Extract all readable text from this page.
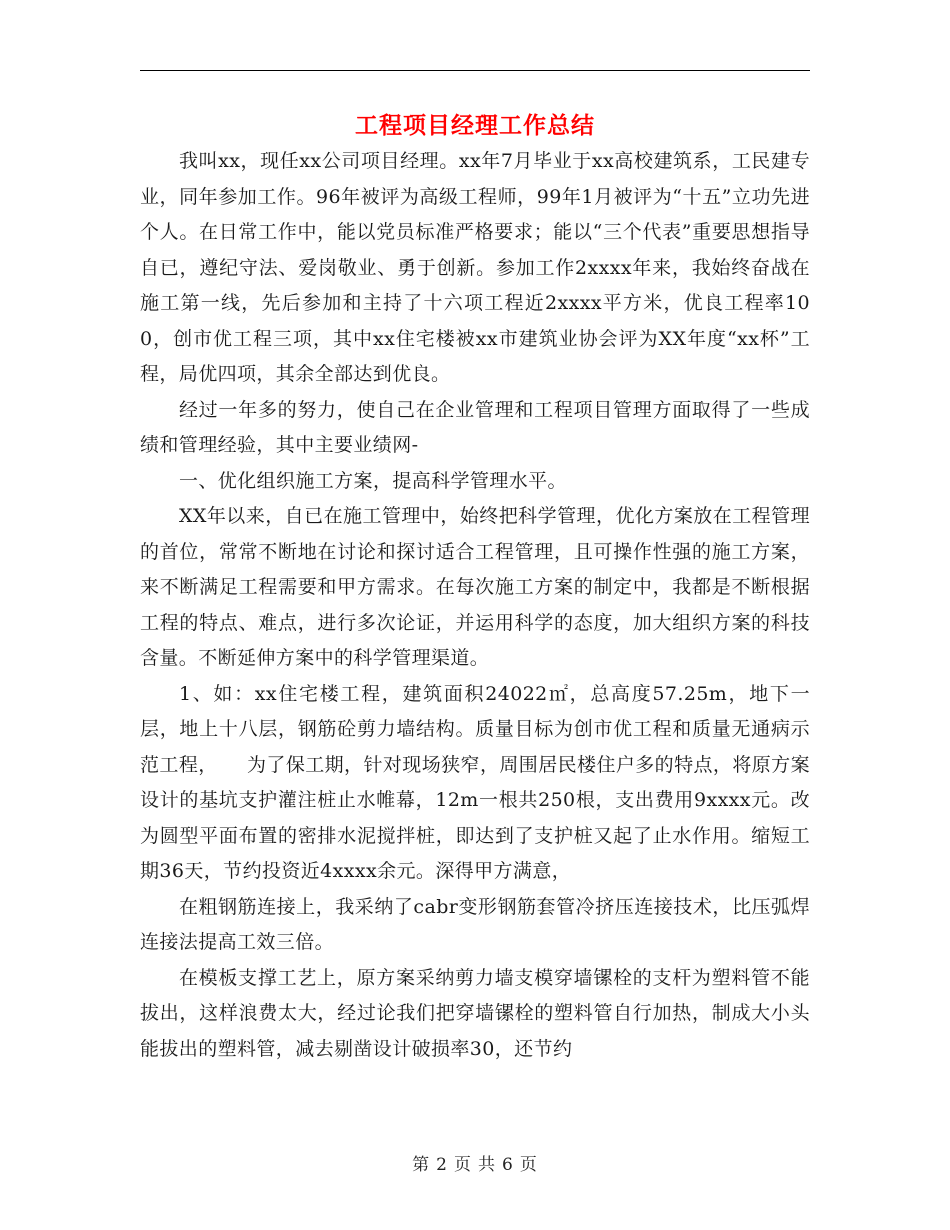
工程项目经理工作总结

我叫xx，现任xx公司项目经理。xx年7月毕业于xx高校建筑系，工民建专业，同年参加工作。96年被评为高级工程师，99年1月被评为“十五”立功先进个人。在日常工作中，能以党员标准严格要求；能以“三个代表”重要思想指导自已，遵纪守法、爱岗敬业、勇于创新。参加工作2xxxx年来，我始终奋战在施工第一线，先后参加和主持了十六项工程近2xxxx平方米，优良工程率100，创市优工程三项，其中xx住宅楼被xx市建筑业协会评为XX年度“xx杯”工程，局优四项，其余全部达到优良。

经过一年多的努力，使自己在企业管理和工程项目管理方面取得了一些成绩和管理经验，其中主要业绩网-

一、优化组织施工方案，提高科学管理水平。

XX年以来，自已在施工管理中，始终把科学管理，优化方案放在工程管理的首位，常常不断地在讨论和探讨适合工程管理，且可操作性强的施工方案，来不断满足工程需要和甲方需求。在每次施工方案的制定中，我都是不断根据工程的特点、难点，进行多次论证，并运用科学的态度，加大组织方案的科技含量。不断延伸方案中的科学管理渠道。

1、如：xx住宅楼工程，建筑面积24022㎡，总高度57.25m，地下一层，地上十八层，钢筋砼剪力墙结构。质量目标为创市优工程和质量无通病示范工程，　　为了保工期，针对现场狭窄，周围居民楼住户多的特点，将原方案设计的基坑支护灌注桩止水帷幕，12m一根共250根，支出费用9xxxx元。改为圆型平面布置的密排水泥搅拌桩，即达到了支护桩又起了止水作用。缩短工期36天，节约投资近4xxxx余元。深得甲方满意，

在粗钢筋连接上，我采纳了cabr变形钢筋套管冷挤压连接技术，比压弧焊连接法提高工效三倍。

在模板支撑工艺上，原方案采纳剪力墙支模穿墙镙栓的支杆为塑料管不能拔出，这样浪费太大，经过论我们把穿墙镙栓的塑料管自行加热，制成大小头能拔出的塑料管，减去剔凿设计破损率30，还节约

第 2 页 共 6 页
